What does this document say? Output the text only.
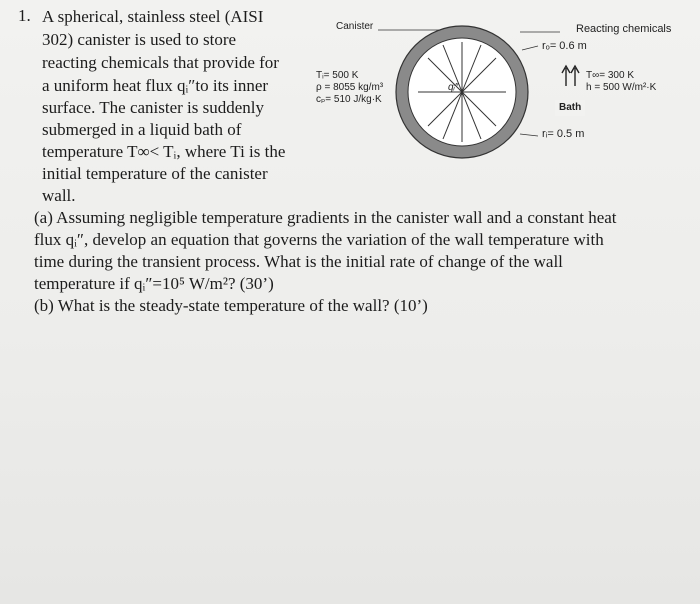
1. A spherical, stainless steel (AISI
302) canister is used to store
reacting chemicals that provide for
a uniform heat flux qᵢ″to its inner
surface. The canister is suddenly
submerged in a liquid bath of
temperature T∞< Tᵢ, where Ti is the
initial temperature of the canister
wall.
(a) Assuming negligible temperature gradients in the canister wall and a constant heat
flux qᵢ″, develop an equation that governs the variation of the wall temperature with
time during the transient process. What is the initial rate of change of the wall
temperature if qᵢ″=10⁵ W/m²? (30’)
(b) What is the steady-state temperature of the wall? (10’)
Canister	Reacting chemicals
rₒ= 0.6 m
Tᵢ= 500 K
ρ = 8055 kg/m³
cₚ= 510 J/kg·K
qᵢ″
T∞= 300 K
h = 500 W/m²·K
Bath
rᵢ= 0.5 m
